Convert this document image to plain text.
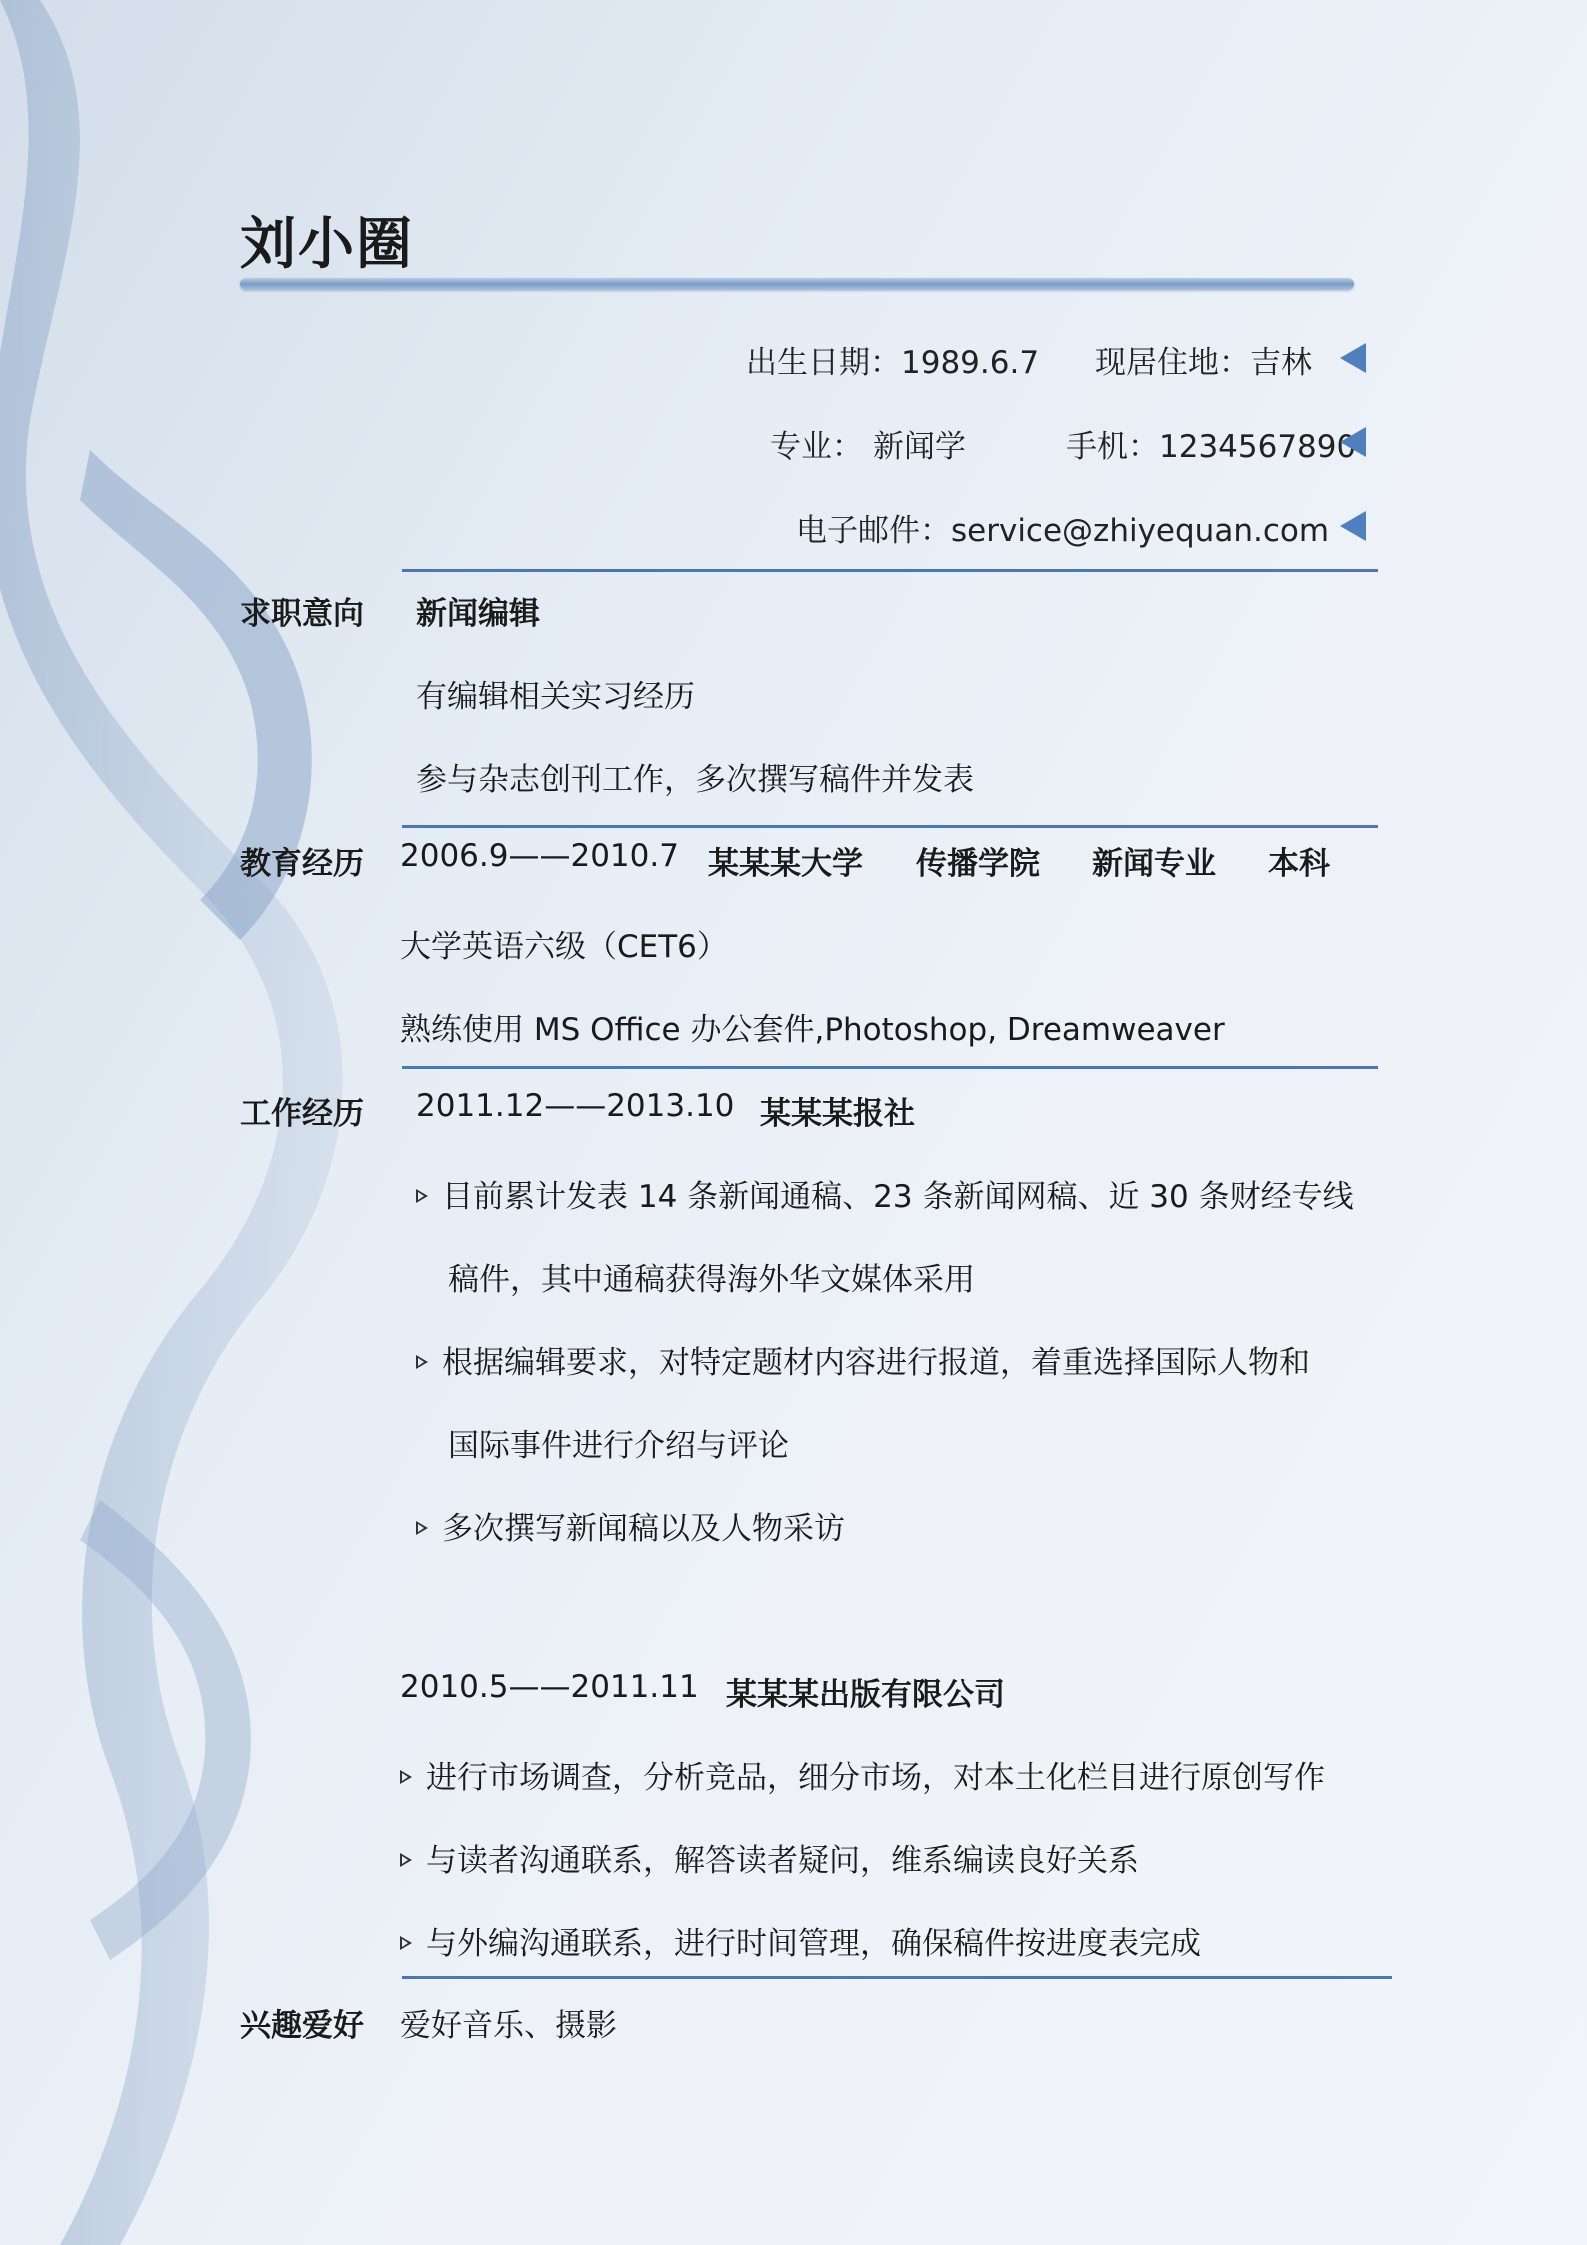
刘小圈
出生日期：1989.6.7 现居住地：吉林
专业： 新闻学	手机：1234567890
电子邮件：service@zhiyequan.com
求职意向 新闻编辑
有编辑相关实习经历
参与杂志创刊工作，多次撰写稿件并发表
教育经历 2006.9——2010.7 某某某大学 传播学院 新闻专业 本科
大学英语六级（CET6）
熟练使用 MS Office 办公套件,Photoshop, Dreamweaver
工作经历 2011.12——2013.10 某某某报社
目前累计发表 14 条新闻通稿、23 条新闻网稿、近 30 条财经专线
稿件，其中通稿获得海外华文媒体采用
根据编辑要求，对特定题材内容进行报道，着重选择国际人物和
国际事件进行介绍与评论
多次撰写新闻稿以及人物采访
2010.5——2011.11 某某某出版有限公司
进行市场调查，分析竞品，细分市场，对本土化栏目进行原创写作
与读者沟通联系，解答读者疑问，维系编读良好关系
与外编沟通联系，进行时间管理，确保稿件按进度表完成
兴趣爱好 爱好音乐、摄影
